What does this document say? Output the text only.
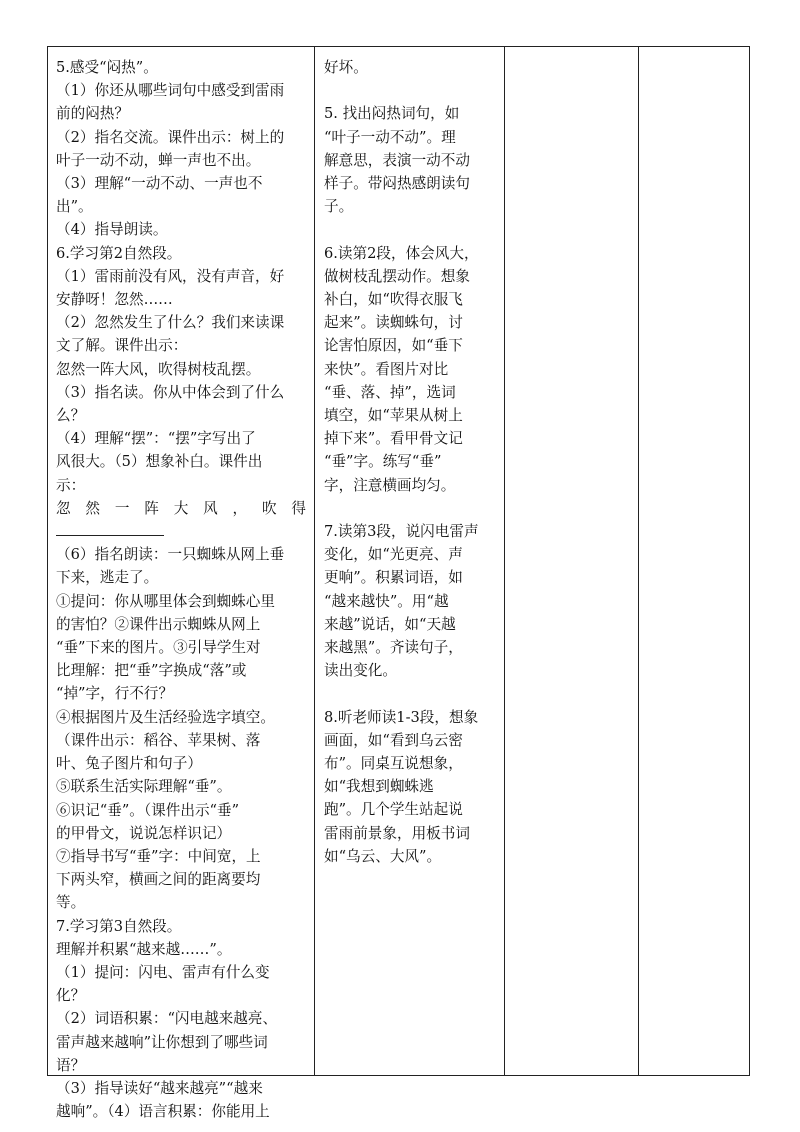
5.感受“闷热”。
（1）你还从哪些词句中感受到雷雨
前的闷热？
（2）指名交流。课件出示：树上的
叶子一动不动，蝉一声也不出。
（3）理解“一动不动、一声也不
出”。
（4）指导朗读。
6.学习第2自然段。
（1）雷雨前没有风，没有声音，好
安静呀！忽然……
（2）忽然发生了什么？我们来读课
文了解。课件出示：
忽然一阵大风，吹得树枝乱摆。
（3）指名读。你从中体会到了什么
么？
（4）理解“摆”：“摆”字写出了
风很大。（5）想象补白。课件出
示：
忽然一阵大风，吹得
（6）指名朗读：一只蜘蛛从网上垂
下来，逃走了。
①提问：你从哪里体会到蜘蛛心里
的害怕？②课件出示蜘蛛从网上
“垂”下来的图片。③引导学生对
比理解：把“垂”字换成“落”或
“掉”字，行不行？
④根据图片及生活经验选字填空。
（课件出示：稻谷、苹果树、落
叶、兔子图片和句子）
⑤联系生活实际理解“垂”。
⑥识记“垂”。（课件出示“垂”
的甲骨文，说说怎样识记）
⑦指导书写“垂”字：中间宽，上
下两头窄，横画之间的距离要均
等。
7.学习第3自然段。
理解并积累“越来越……”。
（1）提问：闪电、雷声有什么变
化？
（2）词语积累：“闪电越来越亮、
雷声越来越响”让你想到了哪些词
语？
（3）指导读好“越来越亮”“越来
越响”。（4）语言积累：你能用上
好坏。
5. 找出闷热词句，如
“叶子一动不动”。理
解意思，表演一动不动
样子。带闷热感朗读句
子。
6.读第2段，体会风大，
做树枝乱摆动作。想象
补白，如“吹得衣服飞
起来”。读蜘蛛句，讨
论害怕原因，如“垂下
来快”。看图片对比
“垂、落、掉”，选词
填空，如“苹果从树上
掉下来”。看甲骨文记
“垂”字。练写“垂”
字，注意横画均匀。
7.读第3段，说闪电雷声
变化，如“光更亮、声
更响”。积累词语，如
“越来越快”。用“越
来越”说话，如“天越
来越黑”。齐读句子，
读出变化。
8.听老师读1-3段，想象
画面，如“看到乌云密
布”。同桌互说想象，
如“我想到蜘蛛逃
跑”。几个学生站起说
雷雨前景象，用板书词
如“乌云、大风”。
